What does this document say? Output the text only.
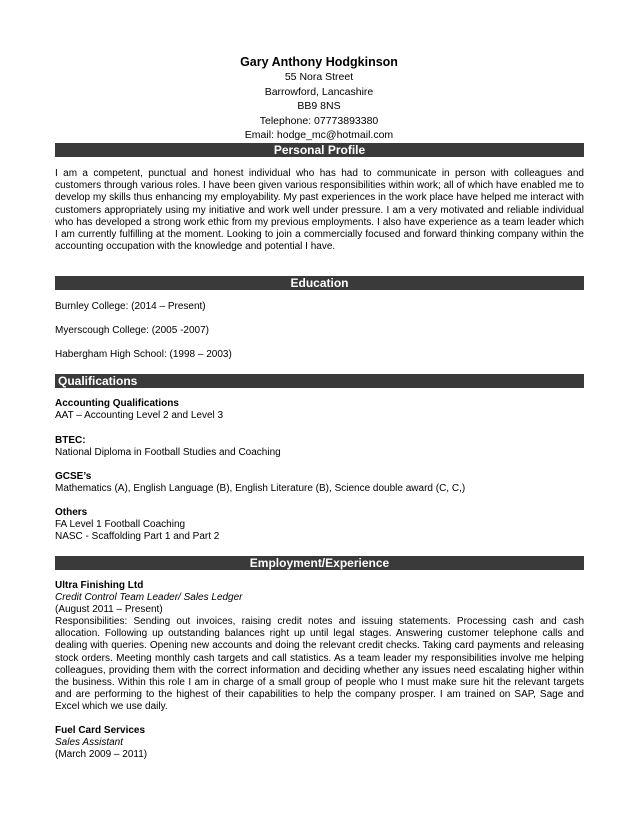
Gary Anthony Hodgkinson
55 Nora Street
Barrowford, Lancashire
BB9 8NS
Telephone: 07773893380
Email: hodge_mc@hotmail.com
Personal Profile
I am a competent, punctual and honest individual who has had to communicate in person with colleagues and customers through various roles. I have been given various responsibilities within work; all of which have enabled me to develop my skills thus enhancing my employability. My past experiences in the work place have helped me interact with customers appropriately using my initiative and work well under pressure. I am a very motivated and reliable individual who has developed a strong work ethic from my previous employments. I also have experience as a team leader which I am currently fulfilling at the moment. Looking to join a commercially focused and forward thinking company within the accounting occupation with the knowledge and potential I have.
Education
Burnley College: (2014 – Present)
Myerscough College: (2005 -2007)
Habergham High School: (1998 – 2003)
Qualifications
Accounting Qualifications
AAT – Accounting Level 2 and Level 3
BTEC:
National Diploma in Football Studies and Coaching
GCSE’s
Mathematics (A), English Language (B), English Literature (B), Science double award (C, C,)
Others
FA Level 1 Football Coaching
NASC - Scaffolding Part 1 and Part 2
Employment/Experience
Ultra Finishing Ltd
Credit Control Team Leader/ Sales Ledger
(August 2011 – Present)
Responsibilities: Sending out invoices, raising credit notes and issuing statements. Processing cash and cash allocation. Following up outstanding balances right up until legal stages. Answering customer telephone calls and dealing with queries. Opening new accounts and doing the relevant credit checks. Taking card payments and releasing stock orders. Meeting monthly cash targets and call statistics. As a team leader my responsibilities involve me helping colleagues, providing them with the correct information and deciding whether any issues need escalating higher within the business. Within this role I am in charge of a small group of people who I must make sure hit the relevant targets and are performing to the highest of their capabilities to help the company prosper. I am trained on SAP, Sage and Excel which we use daily.
Fuel Card Services
Sales Assistant
(March 2009 – 2011)
